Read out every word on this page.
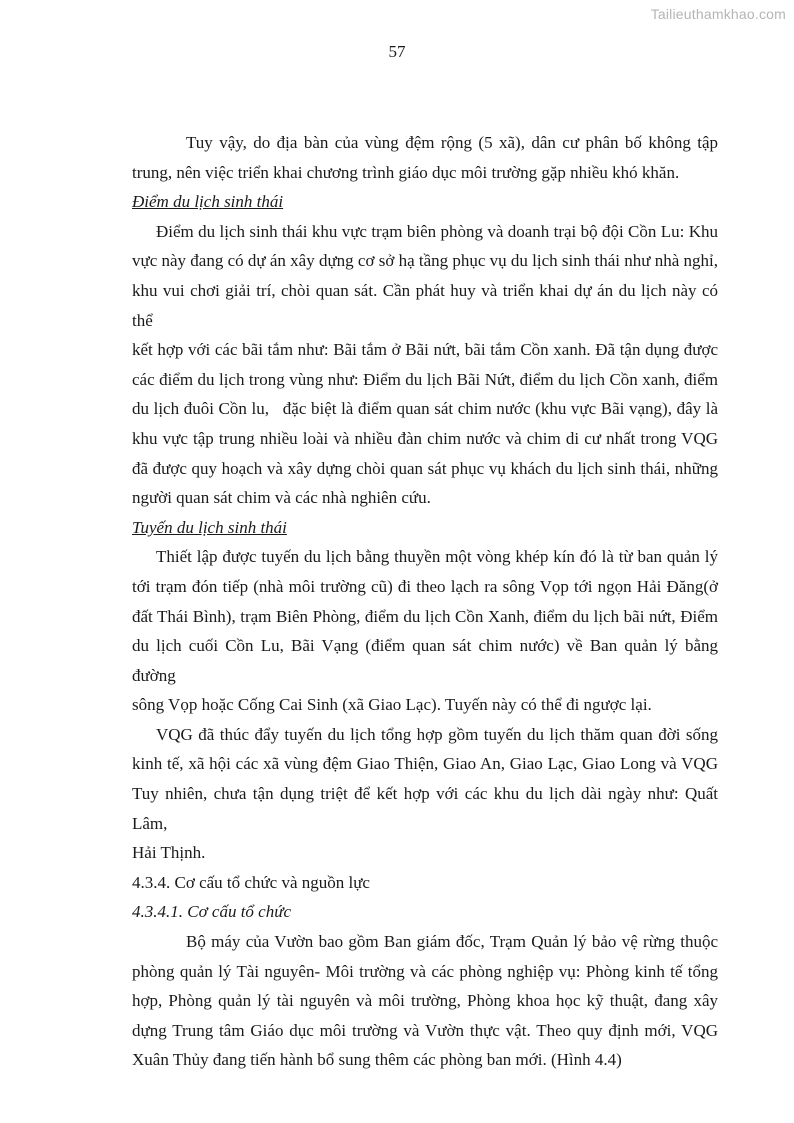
Tailieuthamkhao.com
57

Tuy vậy, do địa bàn của vùng đệm rộng (5 xã), dân cư phân bố không tập
trung, nên việc triển khai chương trình giáo dục môi trường gặp nhiều khó khăn.

Điểm du lịch sinh thái

Điểm du lịch sinh thái khu vực trạm biên phòng và doanh trại bộ đội Cồn Lu: Khu
vực này đang có dự án xây dựng cơ sở hạ tầng phục vụ du lịch sinh thái như nhà nghỉ,
khu vui chơi giải trí, chòi quan sát. Cần phát huy và triển khai dự án du lịch này có thể
kết hợp với các bãi tắm như: Bãi tắm ở Bãi nứt, bãi tắm Cồn xanh. Đã tận dụng được
các điểm du lịch trong vùng như: Điểm du lịch Bãi Nứt, điểm du lịch Cồn xanh, điểm
du lịch đuôi Cồn lu,   đặc biệt là điểm quan sát chim nước (khu vực Bãi vạng), đây là
khu vực tập trung nhiều loài và nhiều đàn chim nước và chim di cư nhất trong VQG
đã được quy hoạch và xây dựng chòi quan sát phục vụ khách du lịch sinh thái, những
người quan sát chim và các nhà nghiên cứu.

Tuyến du lịch sinh thái

Thiết lập được tuyến du lịch bằng thuyền một vòng khép kín đó là từ ban quản lý
tới trạm đón tiếp (nhà môi trường cũ) đi theo lạch ra sông Vọp tới ngọn Hải Đăng(ở
đất Thái Bình), trạm Biên Phòng, điểm du lịch Cồn Xanh, điểm du lịch bãi nứt, Điểm
du lịch cuối Cồn Lu, Bãi Vạng (điểm quan sát chim nước) về Ban quản lý bằng đường
sông Vọp hoặc Cống Cai Sinh (xã Giao Lạc). Tuyến này có thể đi ngược lại.

VQG đã thúc đẩy tuyến du lịch tổng hợp gồm tuyến du lịch thăm quan đời sống
kinh tế, xã hội các xã vùng đệm Giao Thiện, Giao An, Giao Lạc, Giao Long và VQG
Tuy nhiên, chưa tận dụng triệt để kết hợp với các khu du lịch dài ngày như: Quất Lâm,
Hải Thịnh.

4.3.4. Cơ cấu tổ chức và nguồn lực

4.3.4.1. Cơ cấu tổ chức

Bộ máy của Vườn bao gồm Ban giám đốc, Trạm Quản lý bảo vệ rừng thuộc
phòng quản lý Tài nguyên- Môi trường và các phòng nghiệp vụ: Phòng kinh tế tổng
hợp, Phòng quản lý tài nguyên và môi trường, Phòng khoa học kỹ thuật, đang xây
dựng Trung tâm Giáo dục môi trường và Vườn thực vật. Theo quy định mới, VQG
Xuân Thủy đang tiến hành bổ sung thêm các phòng ban mới. (Hình 4.4)
